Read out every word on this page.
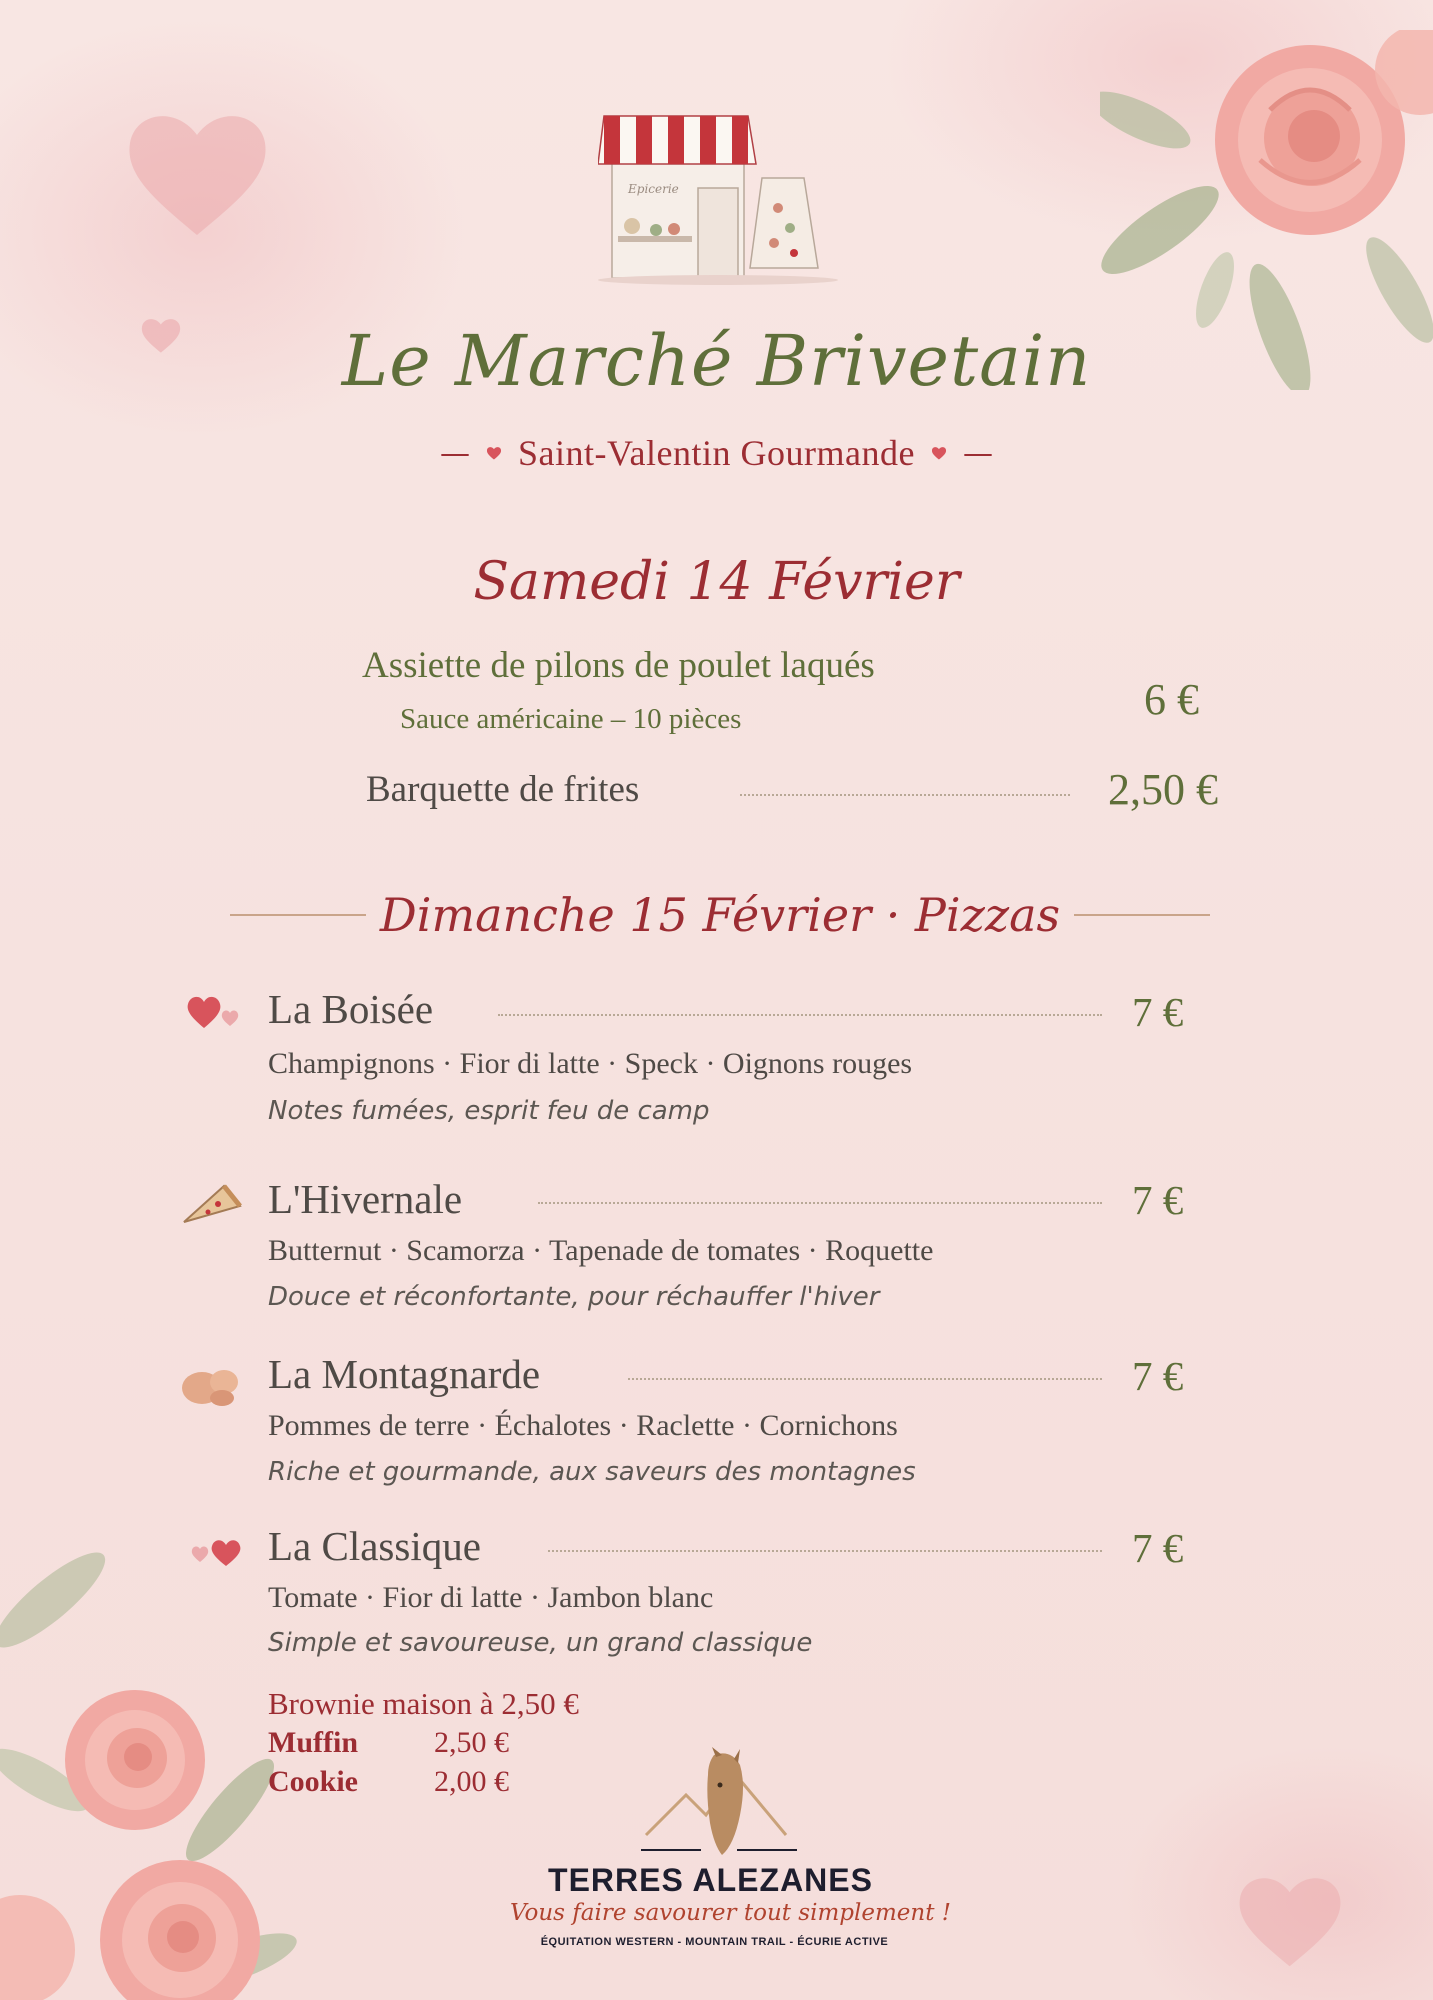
Epicerie
Le Marché Brivetain
— Saint-Valentin Gourmande —
Samedi 14 Février
Assiette de pilons de poulet laqués
Sauce américaine – 10 pièces	6 €
Barquette de frites	2,50 €
Dimanche 15 Février · Pizzas
La Boisée	7 €
Champignons · Fior di latte · Speck · Oignons rouges
Notes fumées, esprit feu de camp
L'Hivernale	7 €
Butternut · Scamorza · Tapenade de tomates · Roquette
Douce et réconfortante, pour réchauffer l'hiver
La Montagnarde	7 €
Pommes de terre · Échalotes · Raclette · Cornichons
Riche et gourmande, aux saveurs des montagnes
La Classique	7 €
Tomate · Fior di latte · Jambon blanc
Simple et savoureuse, un grand classique
Brownie maison à 2,50 €
Muffin	2,50 €
Cookie	2,00 €
TERRES ALEZANES
Vous faire savourer tout simplement !
ÉQUITATION WESTERN - MOUNTAIN TRAIL - ÉCURIE ACTIVE
